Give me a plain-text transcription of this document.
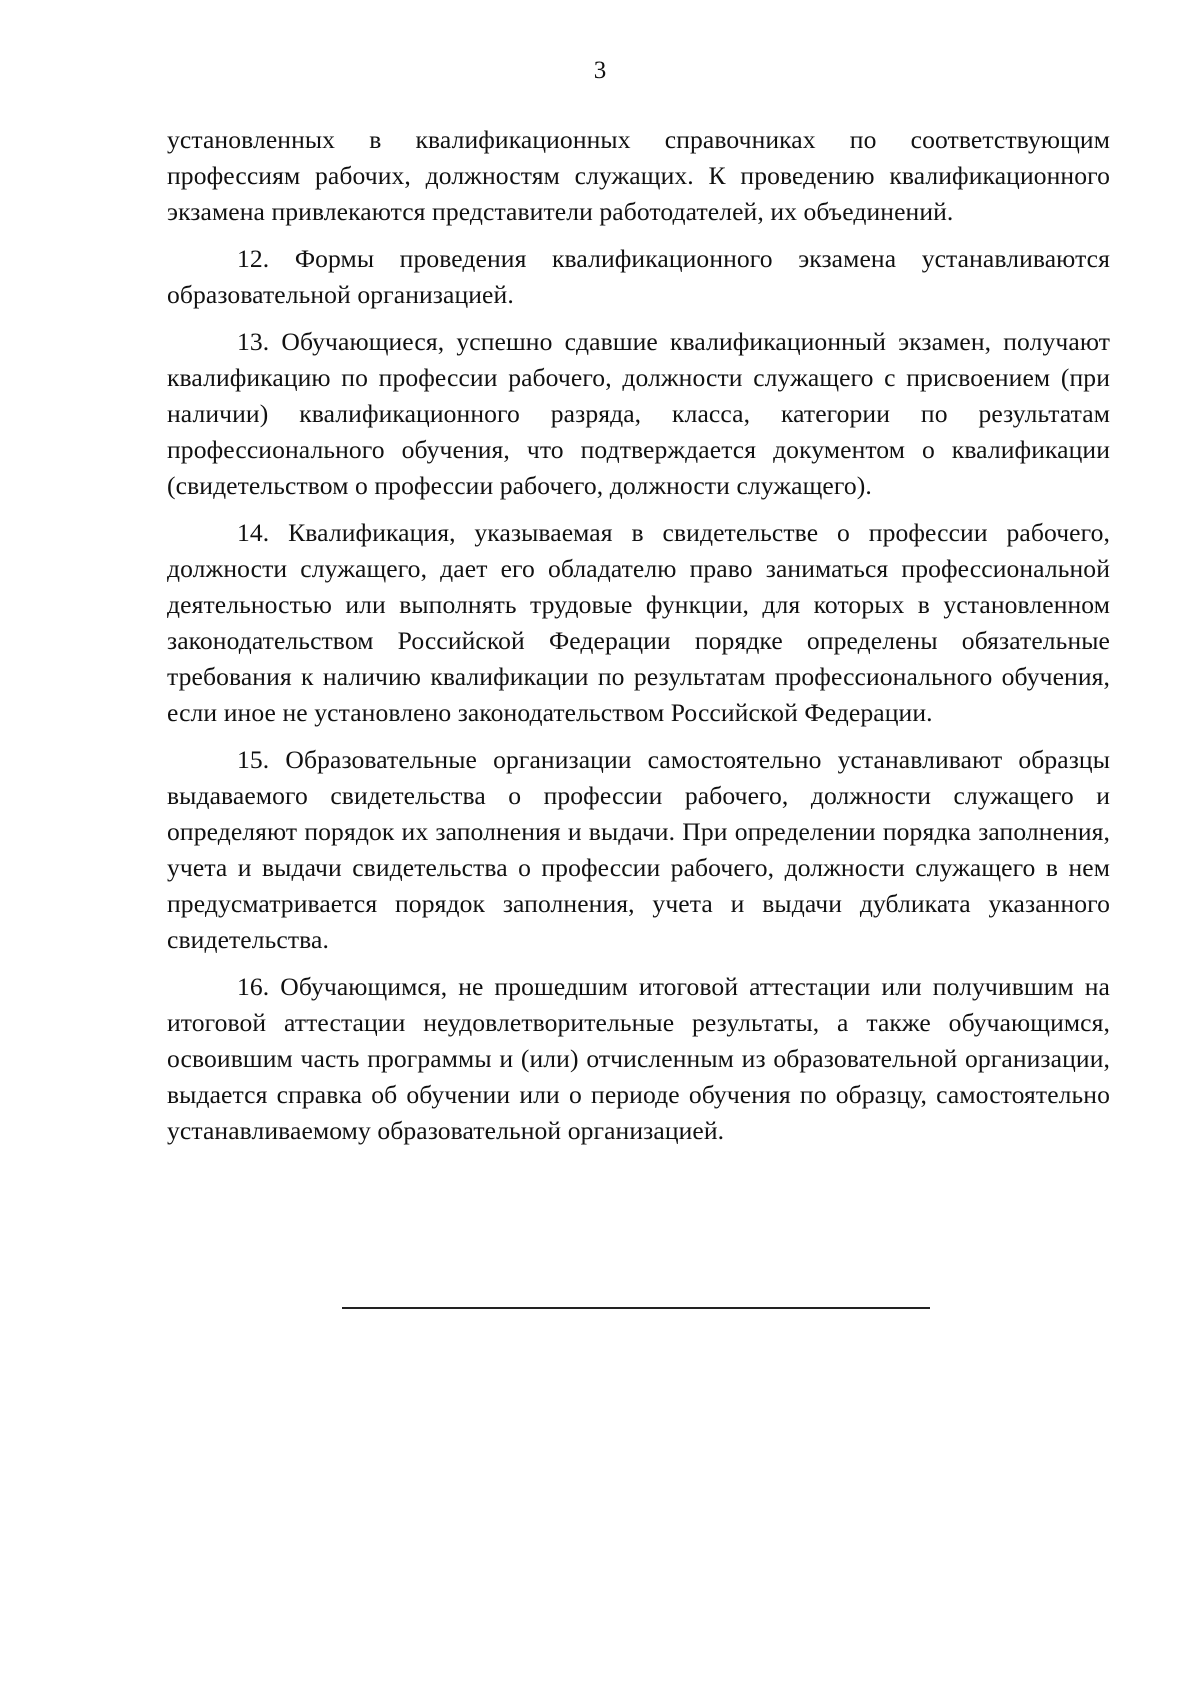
3

установленных в квалификационных справочниках по соответствующим профессиям рабочих, должностям служащих. К проведению квалификационного экзамена привлекаются представители работодателей, их объединений.

12. Формы проведения квалификационного экзамена устанавливаются образовательной организацией.

13. Обучающиеся, успешно сдавшие квалификационный экзамен, получают квалификацию по профессии рабочего, должности служащего с присвоением (при наличии) квалификационного разряда, класса, категории по результатам профессионального обучения, что подтверждается документом о квалификации (свидетельством о профессии рабочего, должности служащего).

14. Квалификация, указываемая в свидетельстве о профессии рабочего, должности служащего, дает его обладателю право заниматься профессиональной деятельностью или выполнять трудовые функции, для которых в установленном законодательством Российской Федерации порядке определены обязательные требования к наличию квалификации по результатам профессионального обучения, если иное не установлено законодательством Российской Федерации.

15. Образовательные организации самостоятельно устанавливают образцы выдаваемого свидетельства о профессии рабочего, должности служащего и определяют порядок их заполнения и выдачи. При определении порядка заполнения, учета и выдачи свидетельства о профессии рабочего, должности служащего в нем предусматривается порядок заполнения, учета и выдачи дубликата указанного свидетельства.

16. Обучающимся, не прошедшим итоговой аттестации или получившим на итоговой аттестации неудовлетворительные результаты, а также обучающимся, освоившим часть программы и (или) отчисленным из образовательной организации, выдается справка об обучении или о периоде обучения по образцу, самостоятельно устанавливаемому образовательной организацией.
